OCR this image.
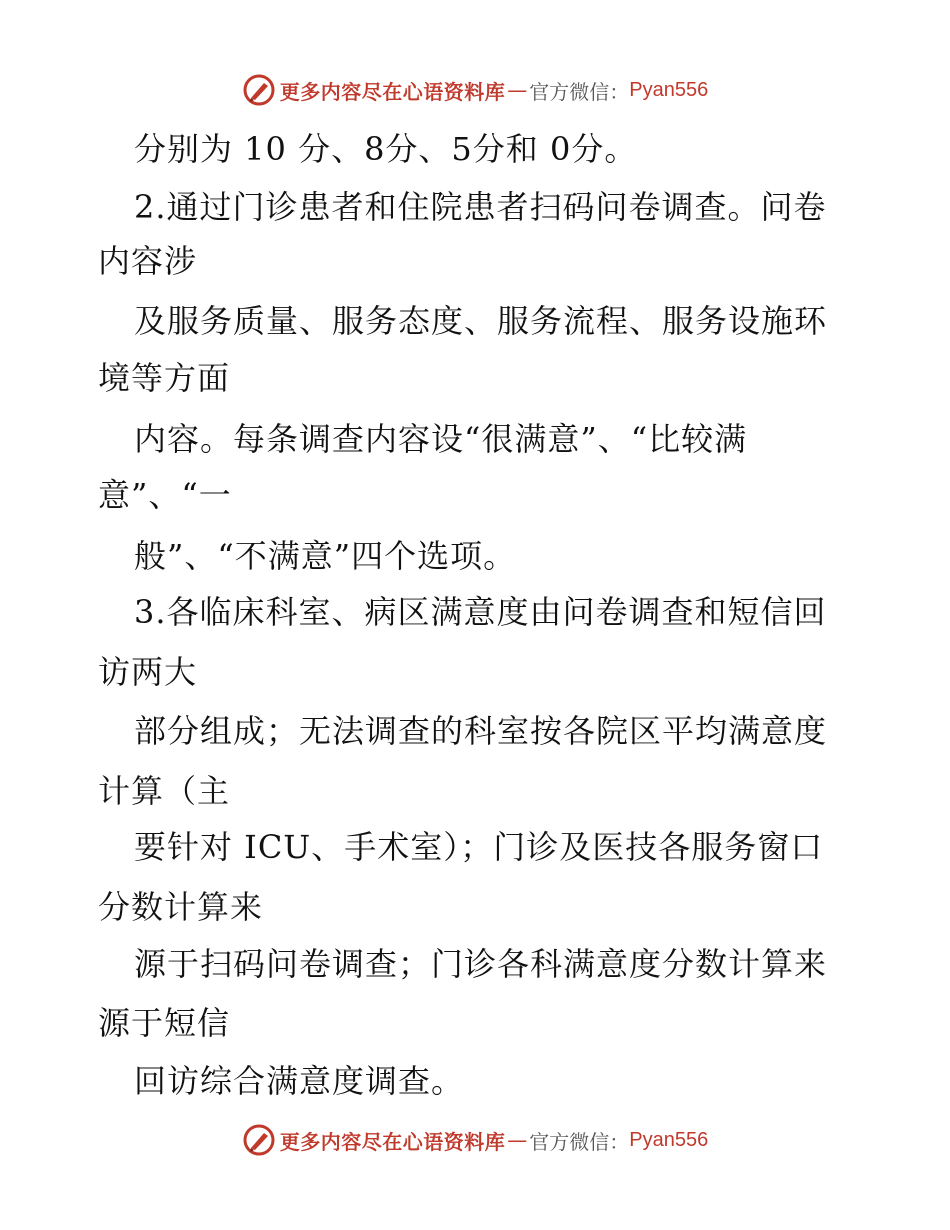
更多内容尽在心语资料库 — 官方微信： Pyan556
分别为 10 分、8分、5分和 0分。
2.通过门诊患者和住院患者扫码问卷调查。问卷
内容涉
及服务质量、服务态度、服务流程、服务设施环
境等方面
内容。每条调查内容设“很满意”、“比较满
意”、“一
般”、“不满意”四个选项。
3.各临床科室、病区满意度由问卷调查和短信回
访两大
部分组成；无法调查的科室按各院区平均满意度
计算（主
要针对 ICU、手术室）；门诊及医技各服务窗口
分数计算来
源于扫码问卷调查；门诊各科满意度分数计算来
源于短信
回访综合满意度调查。
更多内容尽在心语资料库 — 官方微信： Pyan556
